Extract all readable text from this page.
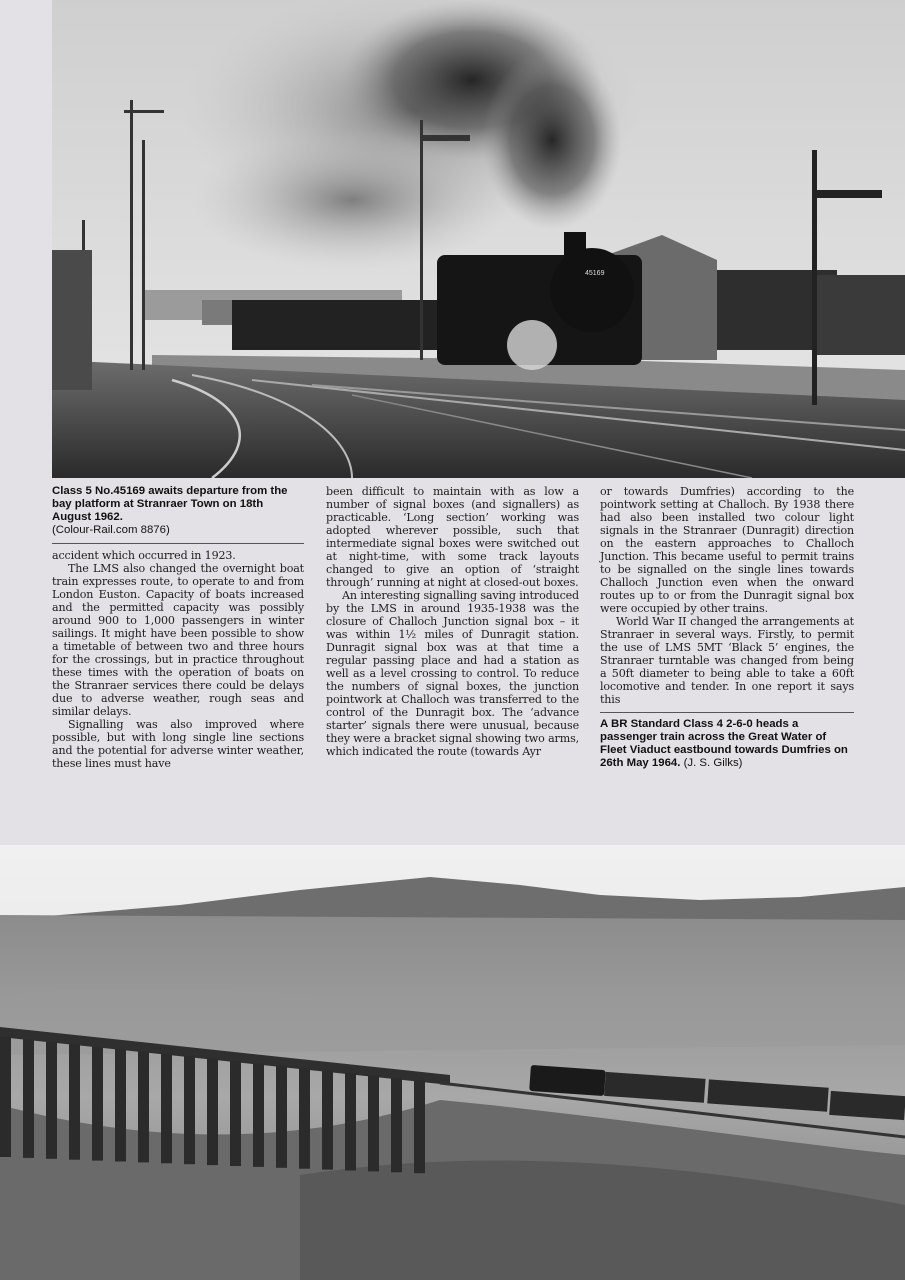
45169
Class 5 No.45169 awaits departure from the bay platform at Stranraer Town on 18th August 1962.
(Colour-Rail.com 8876)

accident which occurred in 1923.

The LMS also changed the overnight boat train expresses route, to operate to and from London Euston. Capacity of boats increased and the permitted capacity was possibly around 900 to 1,000 passengers in winter sailings. It might have been possible to show a timetable of between two and three hours for the crossings, but in practice throughout these times with the operation of boats on the Stranraer services there could be delays due to adverse weather, rough seas and similar delays.

Signalling was also improved where possible, but with long single line sections and the potential for adverse winter weather, these lines must have

been difficult to maintain with as low a number of signal boxes (and signallers) as practicable. ‘Long section’ working was adopted wherever possible, such that intermediate signal boxes were switched out at night-time, with some track layouts changed to give an option of ‘straight through’ running at night at closed-out boxes.

An interesting signalling saving introduced by the LMS in around 1935-1938 was the closure of Challoch Junction signal box – it was within 1½ miles of Dunragit station. Dunragit signal box was at that time a regular passing place and had a station as well as a level crossing to control. To reduce the numbers of signal boxes, the junction pointwork at Challoch was transferred to the control of the Dunragit box. The ‘advance starter’ signals there were unusual, because they were a bracket signal showing two arms, which indicated the route (towards Ayr

or towards Dumfries) according to the pointwork setting at Challoch. By 1938 there had also been installed two colour light signals in the Stranraer (Dunragit) direction on the eastern approaches to Challoch Junction. This became useful to permit trains to be signalled on the single lines towards Challoch Junction even when the onward routes up to or from the Dunragit signal box were occupied by other trains.

World War II changed the arrangements at Stranraer in several ways. Firstly, to permit the use of LMS 5MT ‘Black 5’ engines, the Stranraer turntable was changed from being a 50ft diameter to being able to take a 60ft locomotive and tender. In one report it says this

A BR Standard Class 4 2-6-0 heads a passenger train across the Great Water of Fleet Viaduct eastbound towards Dumfries on 26th May 1964. (J. S. Gilks)
